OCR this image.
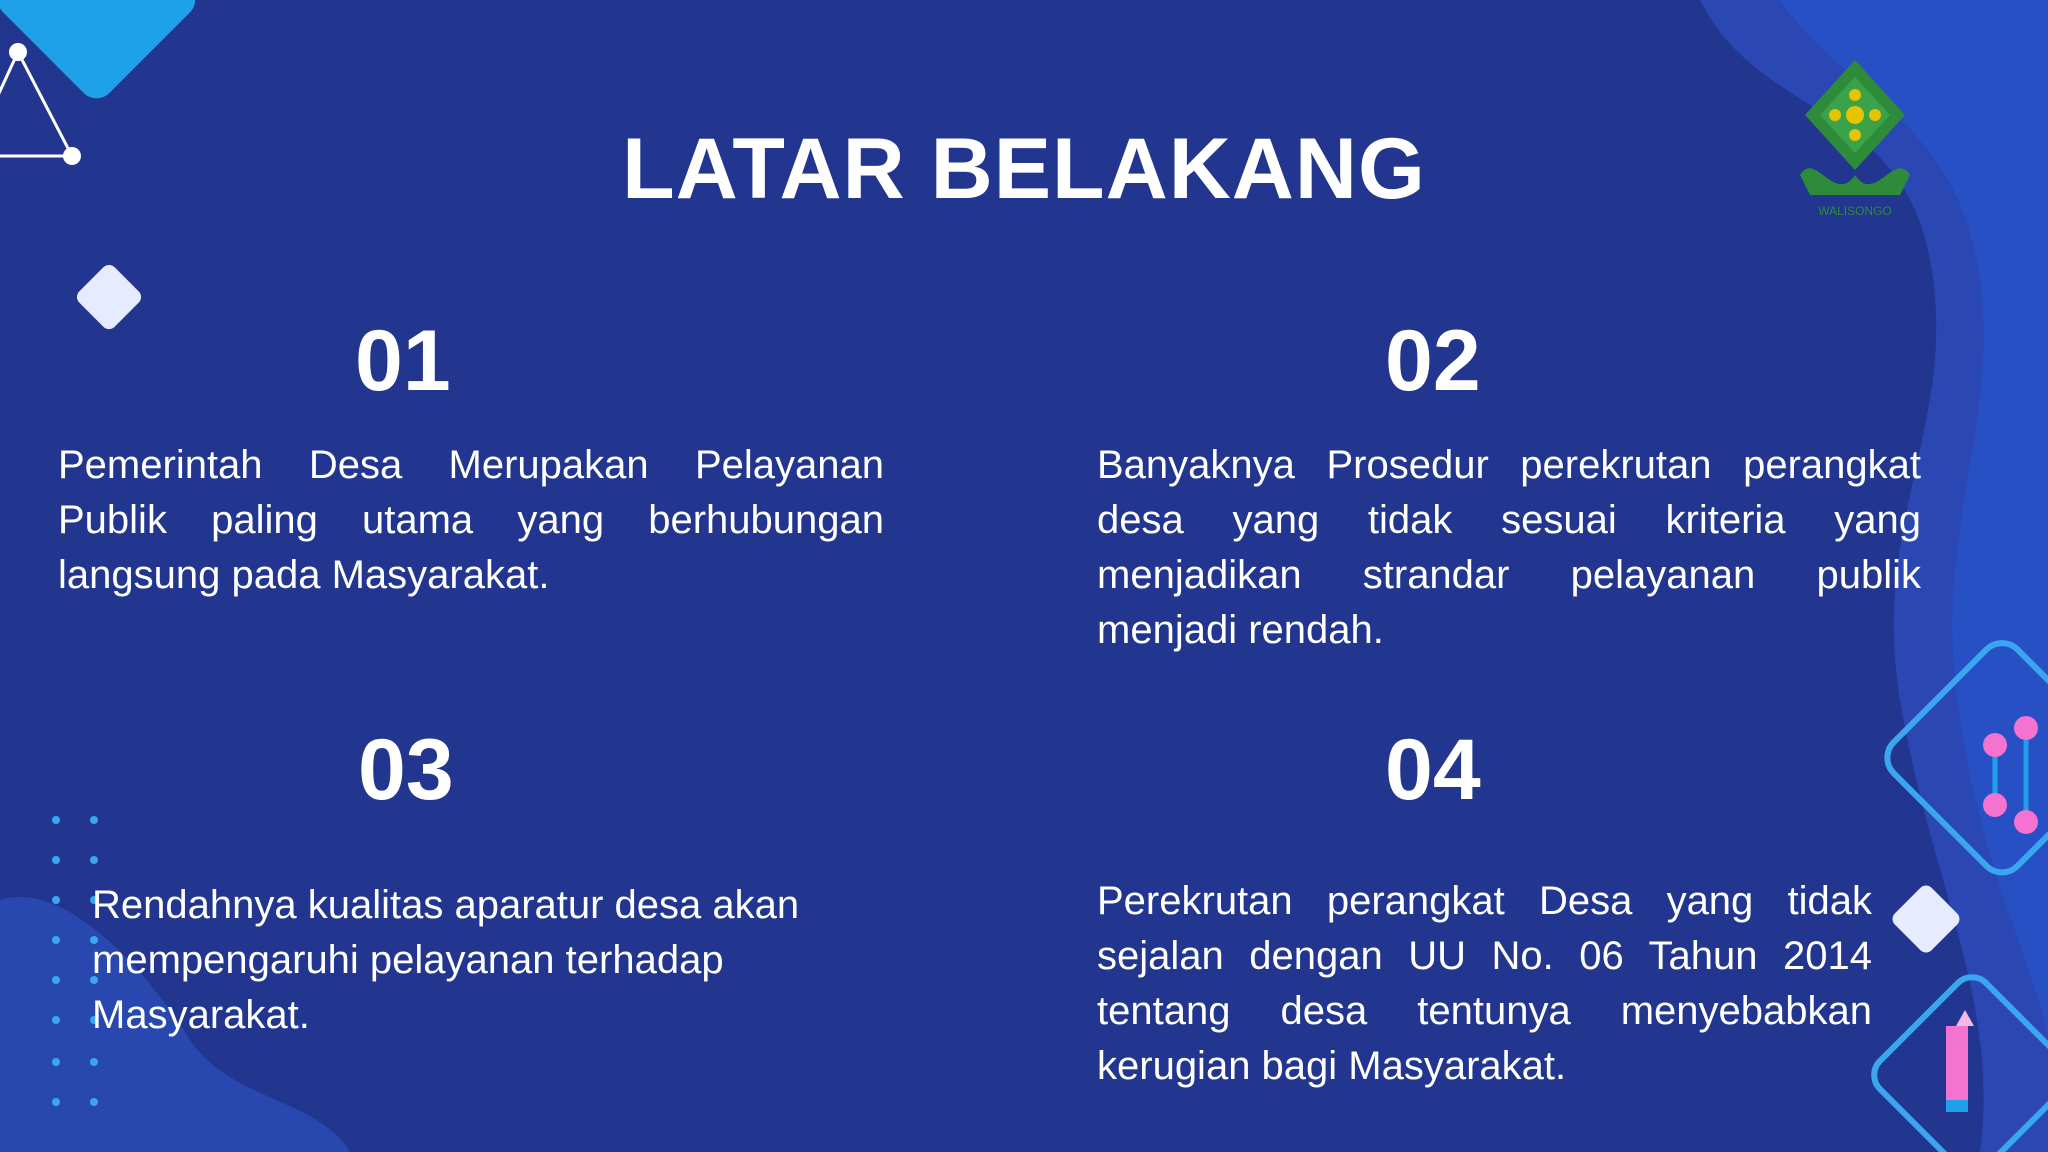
WALISONGO
LATAR BELAKANG
01
Pemerintah Desa Merupakan Pelayanan Publik paling utama yang berhubungan langsung pada Masyarakat.
02
Banyaknya Prosedur perekrutan perangkat desa yang tidak sesuai kriteria yang menjadikan strandar pelayanan publik menjadi rendah.
03
Rendahnya kualitas aparatur desa akan mempengaruhi pelayanan terhadap Masyarakat.
04
Perekrutan perangkat Desa yang tidak sejalan dengan UU No. 06 Tahun 2014 tentang desa tentunya menyebabkan kerugian bagi Masyarakat.
